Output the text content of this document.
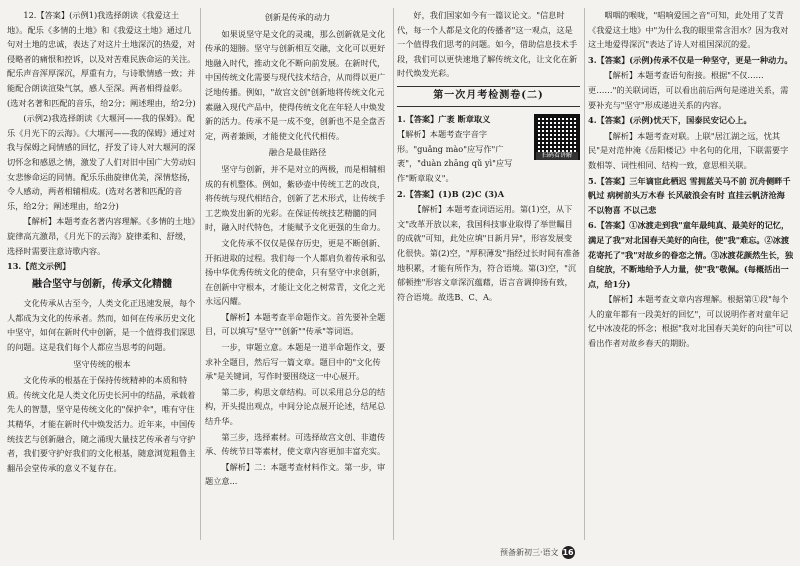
12.【答案】(示例1)我选择朗读《我爱这土地》。配乐《多情的土地》和《我爱这土地》通过几句对土地的忠诚，表达了对这片土地深沉的热爱，对侵略者的痛恨和控诉，以及对苦难民族命运的关注。配乐声音浑厚深沉，厚重有力，与诗歌情感一致；并能配合朗读渲染气氛，感人至深。两者相得益彰。(选对名著和匹配的音乐，给2分；阐述理由，给2分)

(示例2)我选择朗读《大堰河——我的保姆》。配乐《月光下的云海》。《大堰河——我的保姆》通过对我与保姆之间情感的回忆，抒发了诗人对大堰河的深切怀念和感恩之情，激发了人们对旧中国广大劳动妇女悲惨命运的同情。配乐乐曲旋律优美，深情悠扬，令人感动，两者相辅相成。(选对名著和匹配的音乐，给2分；阐述理由，给2分)

【解析】本题考查名著内容理解。《多情的土地》旋律高亢激昂，《月光下的云海》旋律柔和、舒缓，选择时需要注意诗歌内容。

13.【范文示例】

融合坚守与创新，传承文化精髓

文化传承从古至今，人类文化正迅速发展，每个人都成为文化的传承者。然而，如何在传承历史文化中坚守，如何在新时代中创新，是一个值得我们深思的问题。这是我们每个人都应当思考的问题。

坚守传统的根本

文化传承的根基在于保持传统精神的本质和特质。传统文化是人类文化历史长河中的结晶，承载着先人的智慧，坚守是传统文化的"保护伞"，唯有守住其精华，才能在新时代中焕发活力。近年来，中国传统技艺与创新融合，随之涌现大量技艺传承者与守护者，我们要守护好我们的文化根基，随意浏览粗鲁主翻吊会堂传承的意义不复存在。

创新是传承的动力

如果说坚守是文化的灵魂，那么创新就是文化传承的翅膀。坚守与创新相互交融，文化可以更好地融入时代，推动文化不断向前发展。在新时代，中国传统文化需要与现代技术结合，从而得以更广泛地传播。例如，"故宫文创"创新地将传统文化元素融入现代产品中，使得传统文化在年轻人中焕发新的活力。传承不是一成不变，创新也不是全盘否定，两者兼顾，才能使文化代代相传。

融合是最佳路径

坚守与创新，并不是对立的两极，而是相辅相成的有机整体。例如，紫砂壶中传统工艺的改良，将传统与现代相结合，创新了艺术形式，让传统手工艺焕发出新的光彩。在保证传统技艺精髓的同时，融入时代特色，才能赋予文化更强的生命力。

文化传承不仅仅是保存历史，更是不断创新、开拓进取的过程。我们每一个人都肩负着传承和弘扬中华优秀传统文化的使命，只有坚守中求创新，在创新中守根本，才能让文化之树常青，文化之光永远闪耀。

【解析】本题考查半命题作文。首先要补全题目，可以填写"坚守""创新""传承"等词语。

一步，审题立意。本题是一道半命题作文，要求补全题目，然后写一篇文章。题目中的"文化传承"是关键词，写作时要围绕这一中心展开。

第二步，构思文章结构。可以采用总分总的结构，开头提出观点，中间分论点展开论述，结尾总结升华。

第三步，选择素材。可选择故宫文创、非遗传承、传统节日等素材，使文章内容更加丰富充实。

【解析】二：本题考查材料作文。第一步，审题立意...

好，我们国家如今有一篇议论文。"信息时代，每一个人都是文化的传播者"这一观点，这是一个值得我们思考的问题。如今，借助信息技术手段，我们可以更快速地了解传统文化，让文化在新时代焕发光彩。

第一次月考检测卷(二)

扫码看讲解

1.【答案】广袤 断章取义

【解析】本题考查字音字形。"guǎng mào"应写作"广袤"，"duàn zhāng qǔ yì"应写作"断章取义"。

2.【答案】(1)B (2)C (3)A

【解析】本题考查词语运用。第(1)空，从下文"改革开放以来，我国科技事业取得了举世瞩目的成就"可知，此处应填"日新月异"，形容发展变化很快。第(2)空，"厚积薄发"指经过长时间有准备地积累，才能有所作为，符合语境。第(3)空，"沉郁顿挫"形容文章深沉蕴藉，语言音调抑扬有致，符合语境。故选B、C、A。

咽咽的喉咙，"唱响爱国之音"可知，此处用了艾青《我爱这土地》中"为什么我的眼里常含泪水？因为我对这土地爱得深沉"表达了诗人对祖国深沉的爱。

3.【答案】(示例)传承不仅是一种坚守，更是一种动力。

【解析】本题考查语句衔接。根据"不仅……更……"的关联词语，可以看出前后两句是递进关系，需要补充与"坚守"形成递进关系的内容。

4.【答案】(示例)忧天下，国泰民安记心上。

【解析】本题考查对联。上联"居江湖之远，忧其民"是对范仲淹《岳阳楼记》中名句的化用，下联需要字数相等、词性相同、结构一致，意思相关联。

5.【答案】三年谪宦此栖迟 雪拥蓝关马不前 沉舟侧畔千帆过 病树前头万木春 长风破浪会有时 直挂云帆济沧海 不以物喜 不以己悲

6.【答案】①冰渡走到我"童年最纯真、最美好的记忆，满足了我"对北国春天美好的向往，使"我"难忘。②冰渡花寄托了"我"对故乡的眷恋之情。③冰渡花颜然生长，独自绽放，不断地给予人力量，使"我"敬佩。(每概括出一点，给1分)

【解析】本题考查文章内容理解。根据第①段"每个人的童年都有一段美好的回忆"，可以说明作者对童年记忆中冰凌花的怀念；根据"我对北国春天美好的向往"可以看出作者对故乡春天的期盼。

预备新初三·语文 16
